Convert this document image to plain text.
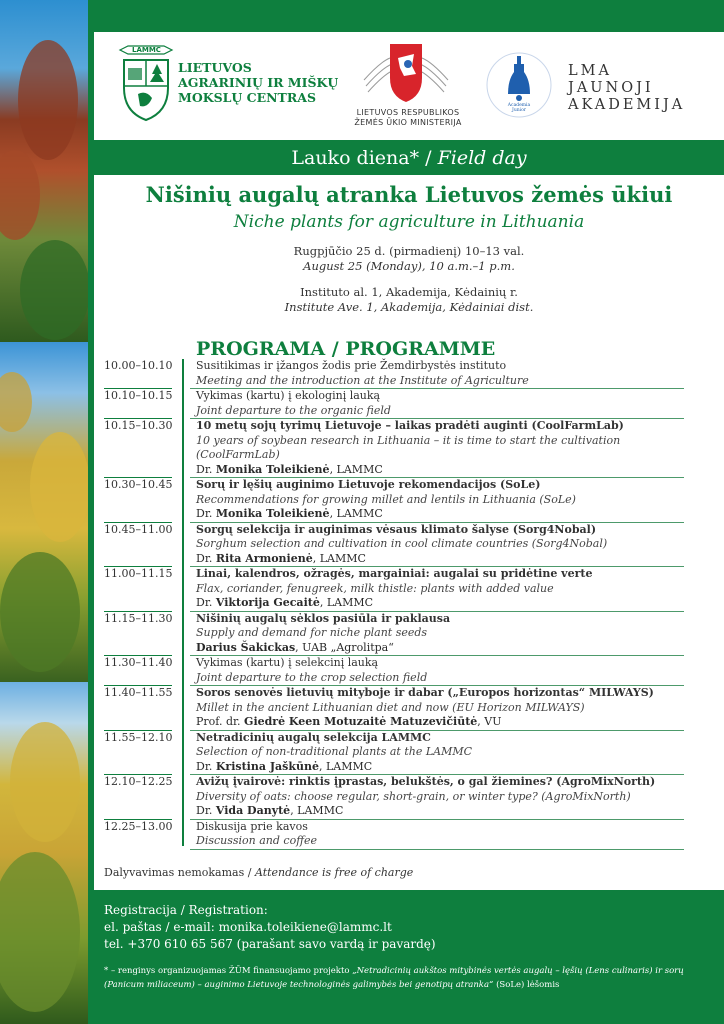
LAMMC
LIETUVOS
AGRARINIŲ IR MIŠKŲ
MOKSLŲ CENTRAS
LIETUVOS RESPUBLIKOS
ŽEMĖS ŪKIO MINISTERIJA
Academia
Junior
LMA
JAUNOJI
AKADEMIJA
Lauko diena* / Field day
Nišinių augalų atranka Lietuvos žemės ūkiui
Niche plants for agriculture in Lithuania
Rugpjūčio 25 d. (pirmadienį) 10–13 val.
August 25 (Monday), 10 a.m.–1 p.m.
Instituto al. 1, Akademija, Kėdainių r.
Institute Ave. 1, Akademija, Kėdainiai dist.
PROGRAMA / PROGRAMME
10.00–10.10	Susitikimas ir įžangos žodis prie Žemdirbystės instituto
Meeting and the introduction at the Institute of Agriculture
10.10–10.15	Vykimas (kartu) į ekologinį lauką
Joint departure to the organic field
10.15–10.30	10 metų sojų tyrimų Lietuvoje – laikas pradėti auginti (CoolFarmLab)
10 years of soybean research in Lithuania – it is time to start the cultivation (CoolFarmLab)
Dr. Monika Toleikienė, LAMMC
10.30–10.45	Sorų ir lęšių auginimo Lietuvoje rekomendacijos (SoLe)
Recommendations for growing millet and lentils in Lithuania (SoLe)
Dr. Monika Toleikienė, LAMMC
10.45–11.00	Sorgų selekcija ir auginimas vėsaus klimato šalyse (Sorg4Nobal)
Sorghum selection and cultivation in cool climate countries (Sorg4Nobal)
Dr. Rita Armonienė, LAMMC
11.00–11.15	Linai, kalendros, ožragės, margainiai: augalai su pridėtine verte
Flax, coriander, fenugreek, milk thistle: plants with added value
Dr. Viktorija Gecaitė, LAMMC
11.15–11.30	Nišinių augalų sėklos pasiūla ir paklausa
Supply and demand for niche plant seeds
Darius Šakickas, UAB „Agrolitpa“
11.30–11.40	Vykimas (kartu) į selekcinį lauką
Joint departure to the crop selection field
11.40–11.55	Soros senovės lietuvių mityboje ir dabar („Europos horizontas“ MILWAYS)
Millet in the ancient Lithuanian diet and now (EU Horizon MILWAYS)
Prof. dr. Giedrė Keen Motuzaitė Matuzevičiūtė, VU
11.55–12.10	Netradicinių augalų selekcija LAMMC
Selection of non-traditional plants at the LAMMC
Dr. Kristina Jaškūnė, LAMMC
12.10–12.25	Avižų įvairovė: rinktis įprastas, belukštės, o gal žiemines? (AgroMixNorth)
Diversity of oats: choose regular, short-grain, or winter type? (AgroMixNorth)
Dr. Vida Danytė, LAMMC
12.25–13.00	Diskusija prie kavos
Discussion and coffee
Dalyvavimas nemokamas / Attendance is free of charge
Registracija / Registration:
el. paštas / e-mail: monika.toleikiene@lammc.lt
tel. +370 610 65 567 (parašant savo vardą ir pavardę)
* – renginys organizuojamas ŽŪM finansuojamo projekto „Netradicinių aukštos mitybinės vertės augalų – lęšių (Lens culinaris) ir sorų (Panicum miliaceum) – auginimo Lietuvoje technologinės galimybės bei genotipų atranka“ (SoLe) lėšomis
